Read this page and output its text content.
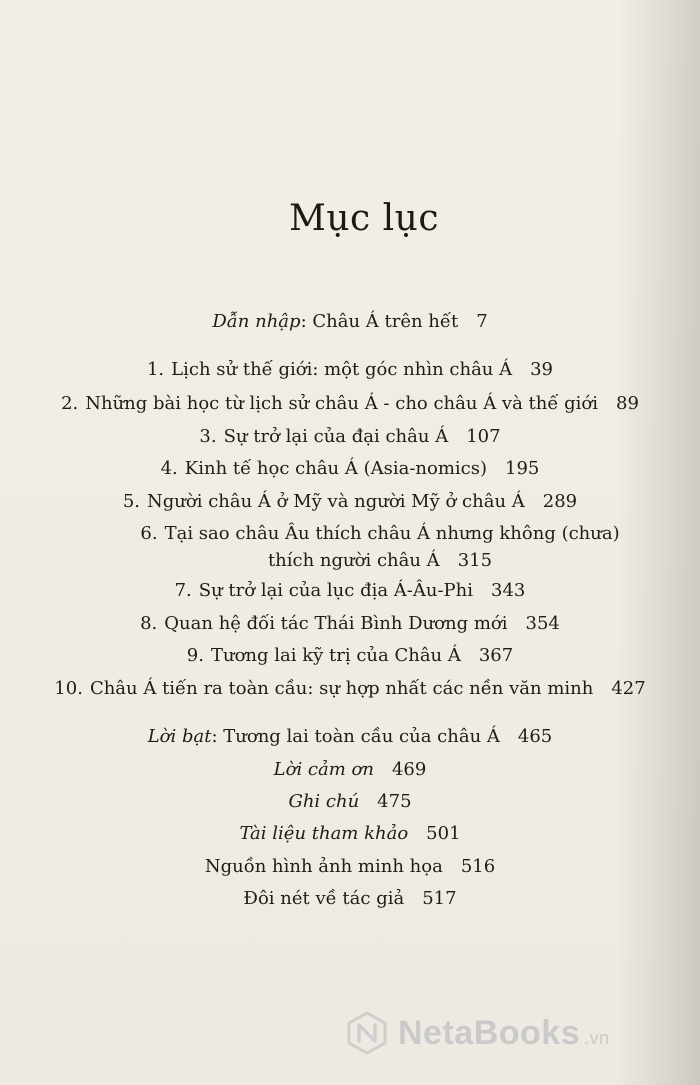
Mục lục
Dẫn nhập: Châu Á trên hết 7
1. Lịch sử thế giới: một góc nhìn châu Á 39
2. Những bài học từ lịch sử châu Á - cho châu Á và thế giới 89
3. Sự trở lại của đại châu Á 107
4. Kinh tế học châu Á (Asia-nomics) 195
5. Người châu Á ở Mỹ và người Mỹ ở châu Á 289
6. Tại sao châu Âu thích châu Á nhưng không (chưa) thích người châu Á 315
7. Sự trở lại của lục địa Á-Âu-Phi 343
8. Quan hệ đối tác Thái Bình Dương mới 354
9. Tương lai kỹ trị của Châu Á 367
10. Châu Á tiến ra toàn cầu: sự hợp nhất các nền văn minh 427
Lời bạt: Tương lai toàn cầu của châu Á 465
Lời cảm ơn 469
Ghi chú 475
Tài liệu tham khảo 501
Nguồn hình ảnh minh họa 516
Đôi nét về tác giả 517
NetaBooks .vn
